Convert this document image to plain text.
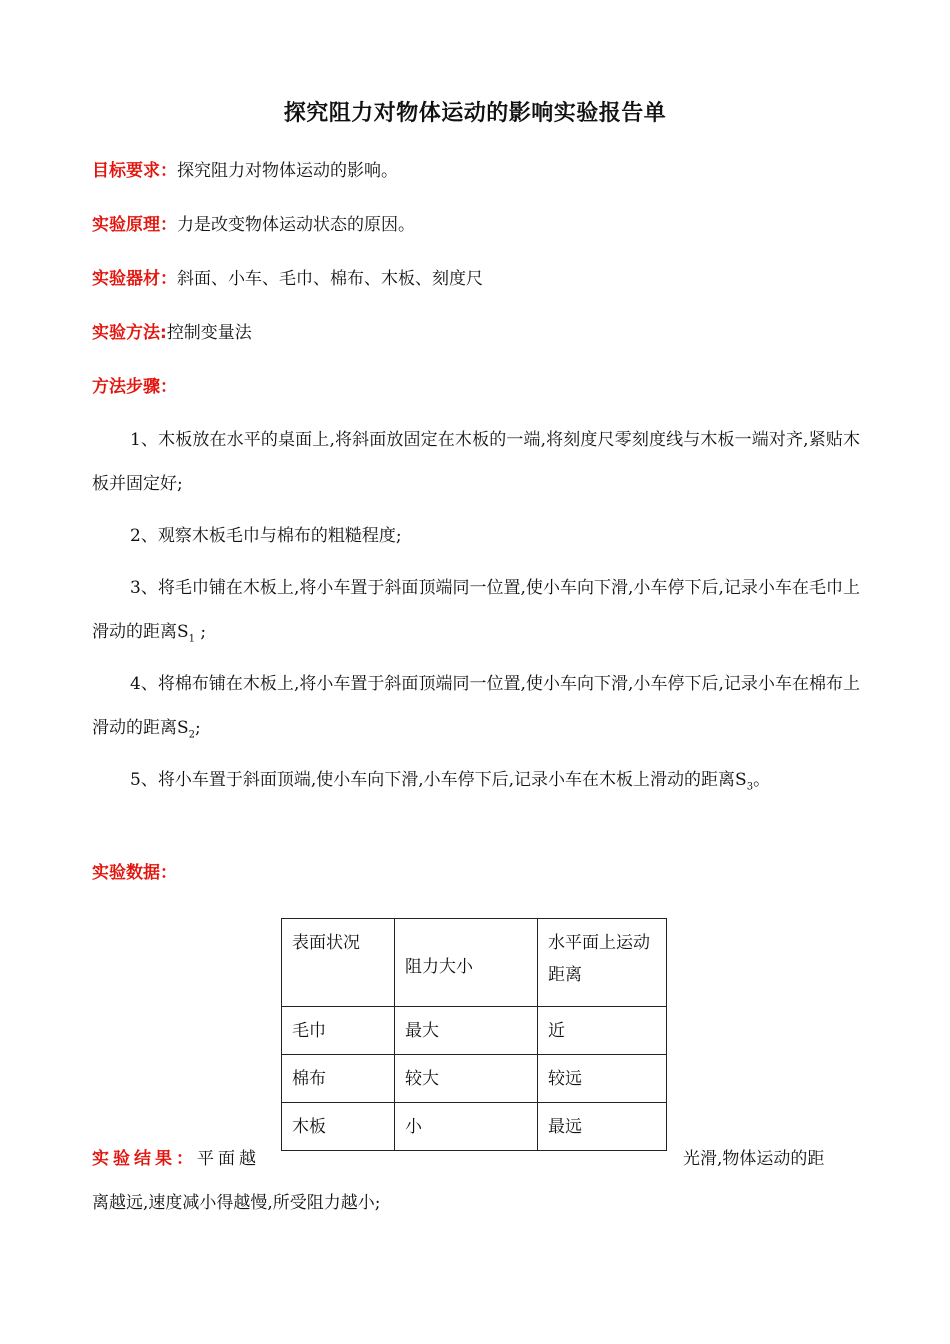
探究阻力对物体运动的影响实验报告单
目标要求：探究阻力对物体运动的影响。
实验原理：力是改变物体运动状态的原因。
实验器材：斜面、小车、毛巾、棉布、木板、刻度尺
实验方法:控制变量法
方法步骤：
1、木板放在水平的桌面上,将斜面放固定在木板的一端,将刻度尺零刻度线与木板一端对齐,紧贴木板并固定好;
2、观察木板毛巾与棉布的粗糙程度;
3、将毛巾铺在木板上,将小车置于斜面顶端同一位置,使小车向下滑,小车停下后,记录小车在毛巾上滑动的距离$S_1$ ;
4、将棉布铺在木板上,将小车置于斜面顶端同一位置,使小车向下滑,小车停下后,记录小车在棉布上滑动的距离$S_2$;
5、将小车置于斜面顶端,使小车向下滑,小车停下后,记录小车在木板上滑动的距离$S_3$。
实验数据：
表面状况	阻力大小	水平面上运动距离
毛巾	最大	近
棉布	较大	较远
木板	小	最远
实验结果：平面越	光滑,物体运动的距
离越远,速度减小得越慢,所受阻力越小;
